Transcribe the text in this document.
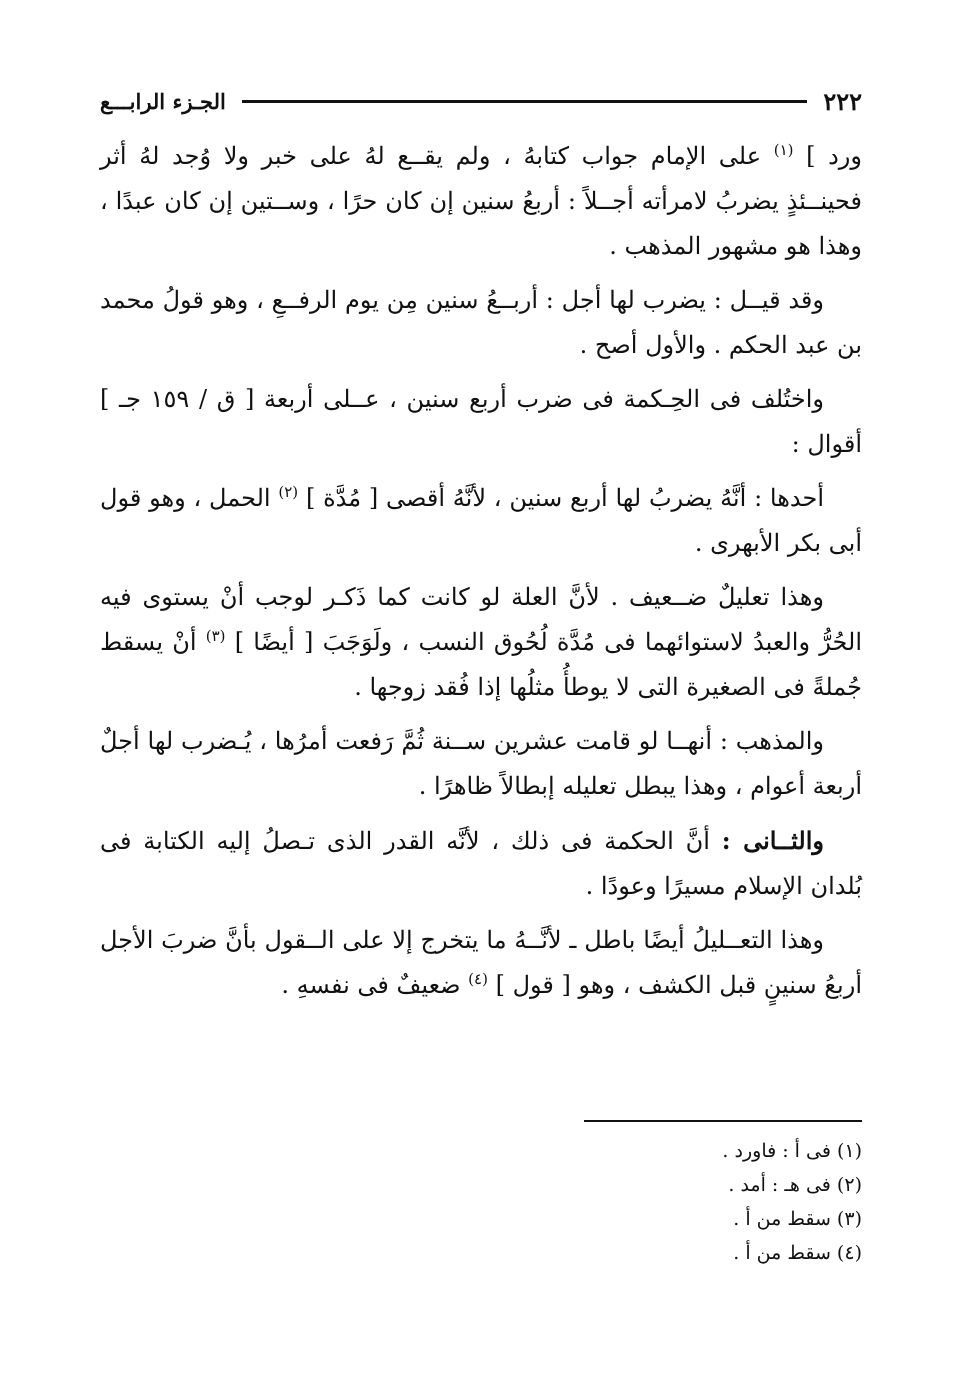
٢٢٢
الجـزء الرابـــع

ورد ] $^{(١)}$ على الإمام جواب كتابهُ ، ولم يقــع لهُ على خبر ولا وُجد لهُ أثر فحينــئذٍ يضربُ لامرأته أجــلاً : أربعُ سنين إن كان حرًا ، وســتين إن كان عبدًا ، وهذا هو مشهور المذهب .

وقد قيــل : يضرب لها أجل : أربــعُ سنين مِن يوم الرفــعِ ، وهو قولُ محمد بن عبد الحكم . والأول أصح .

واختُلف فى الحِـكمة فى ضرب أربع سنين ، عــلى أربعة [ ق / ١٥٩ جـ ] أقوال :

أحدها : أنَّهُ يضربُ لها أربع سنين ، لأنَّهُ أقصى [ مُدَّة ] $^{(٢)}$ الحمل ، وهو قول أبى بكر الأبهرى .

وهذا تعليلٌ ضــعيف . لأنَّ العلة لو كانت كما ذَكـر لوجب أنْ يستوى فيه الحُرُّ والعبدُ لاستوائهما فى مُدَّة لُحُوق النسب ، ولَوَجَبَ [ أيضًا ] $^{(٣)}$ أنْ يسقط جُملةً فى الصغيرة التى لا يوطأُ مثلُها إذا فُقد زوجها .

والمذهب : أنهــا لو قامت عشرين ســنة ثُمَّ رَفعت أمرُها ، يُـضرب لها أجلٌ أربعة أعوام ، وهذا يبطل تعليله إبطالاً ظاهرًا .

والثــانى : أنَّ الحكمة فى ذلك ، لأنَّه القدر الذى تـصلُ إليه الكتابة فى بُلدان الإسلام مسيرًا وعودًا .

وهذا التعــليلُ أيضًا باطل ـ لأنَّــهُ ما يتخرج إلا على الــقول بأنَّ ضربَ الأجل أربعُ سنينٍ قبل الكشف ، وهو [ قول ] $^{(٤)}$ ضعيفٌ فى نفسهِ .

(١) فى أ : فاورد .

(٢) فى هـ : أمد .

(٣) سقط من أ .

(٤) سقط من أ .
